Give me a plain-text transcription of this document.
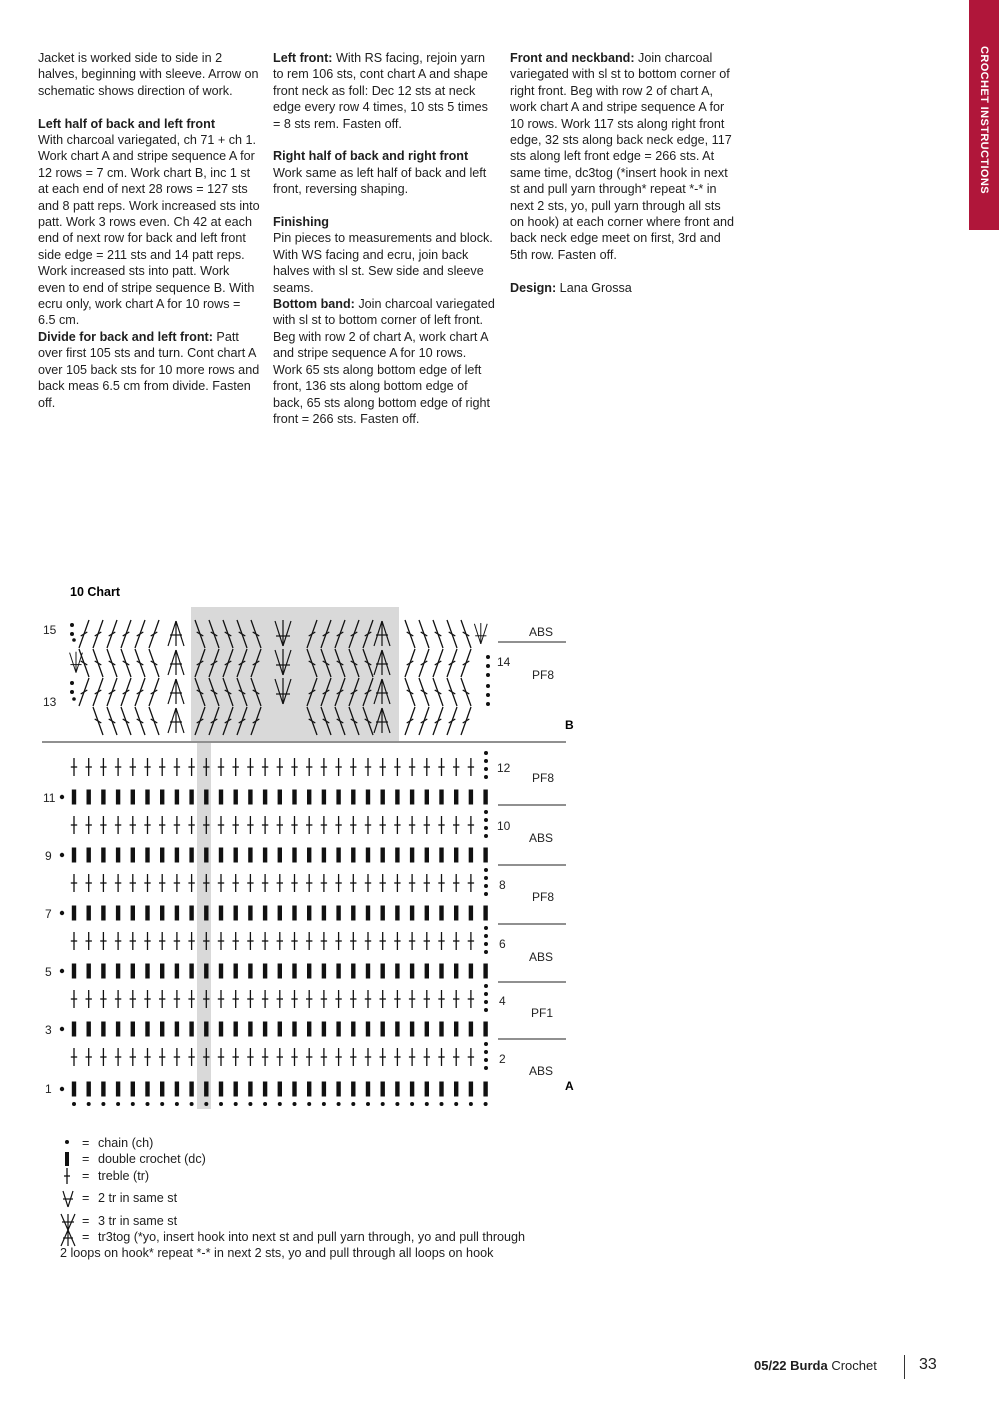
CROCHET INSTRUCTIONS

Jacket is worked side to side in 2 halves, beginning with sleeve. Arrow on schematic shows direction of work.

Left half of back and left front

With charcoal variegated, ch 71 + ch 1.

Work chart A and stripe sequence A for 12 rows = 7 cm. Work chart B, inc 1 st at each end of next 28 rows = 127 sts and 8 patt reps. Work increased sts into patt. Work 3 rows even. Ch 42 at each end of next row for back and left front side edge = 211 sts and 14 patt reps. Work increased sts into patt. Work even to end of stripe sequence B. With ecru only, work chart A for 10 rows = 6.5 cm.

Divide for back and left front: Patt over first 105 sts and turn. Cont chart A over 105 back sts for 10 more rows and back meas 6.5 cm from divide. Fasten off.

Left front: With RS facing, rejoin yarn to rem 106 sts, cont chart A and shape front neck as foll: Dec 12 sts at neck edge every row 4 times, 10 sts 5 times = 8 sts rem. Fasten off.

Right half of back and right front

Work same as left half of back and left front, reversing shaping.

Finishing

Pin pieces to measurements and block. With WS facing and ecru, join back halves with sl st. Sew side and sleeve seams.

Bottom band: Join charcoal variegated with sl st to bottom corner of left front. Beg with row 2 of chart A, work chart A and stripe sequence A for 10 rows. Work 65 sts along bottom edge of left front, 136 sts along bottom edge of back, 65 sts along bottom edge of right front = 266 sts. Fasten off.

Front and neckband: Join charcoal variegated with sl st to bottom corner of right front. Beg with row 2 of chart A, work chart A and stripe sequence A for 10 rows. Work 117 sts along right front edge, 32 sts along back neck edge, 117 sts along left front edge = 266 sts. At same time, dc3tog (*insert hook in next st and pull yarn through* repeat *-* in next 2 sts, yo, pull yarn through all sts on hook) at each corner where front and back neck edge meet on first, 3rd and 5th row. Fasten off.

Design: Lana Grossa

10 Chart
15
13
11
9
7
5
3
1
14
12
10
8
6
4
2
ABS
PF8
PF8
ABS
PF8
ABS
PF1
ABS
B
A
= chain (ch)
= double crochet (dc)
= treble (tr)
= 2 tr in same st
= 3 tr in same st
= tr3tog (*yo, insert hook into next st and pull yarn through, yo and pull through
2 loops on hook* repeat *-* in next 2 sts, yo and pull through all loops on hook
05/22 Burda Crochet	33
